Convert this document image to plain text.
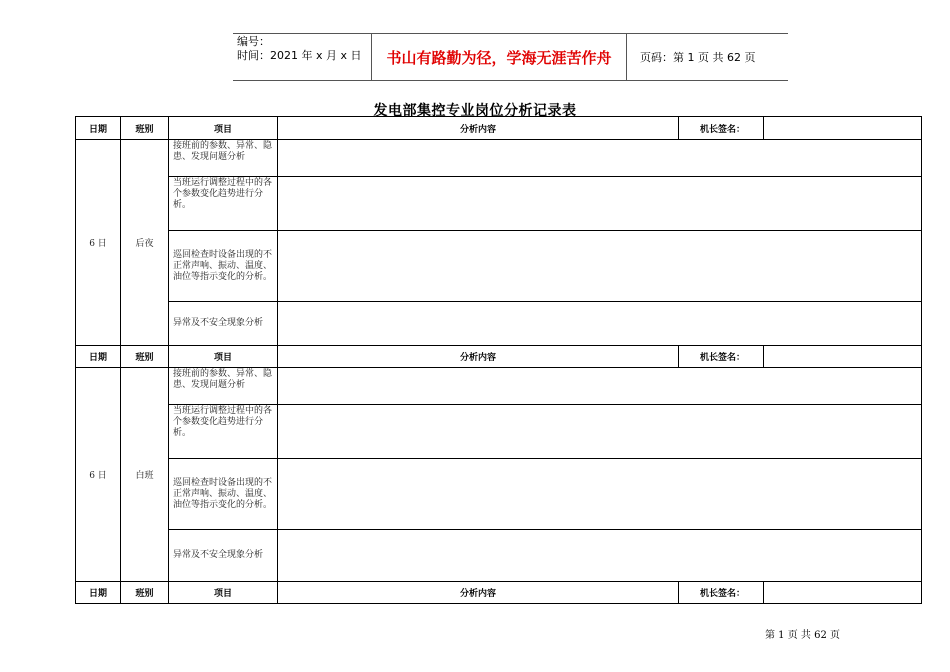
编号：
时间：2021 年 x 月 x 日	书山有路勤为径，学海无涯苦作舟	页码：第 1 页 共 62 页
发电部集控专业岗位分析记录表
日期	班别	项目	分析内容	机长签名：	
6 日	后夜	接班前的参数、异常、隐患、发现问题分析			
		当班运行调整过程中的各个参数变化趋势进行分析。			
		巡回检查时设备出现的不正常声响、振动、温度、油位等指示变化的分析。			
		异常及不安全现象分析			
日期	班别	项目	分析内容	机长签名：	
6 日	白班	接班前的参数、异常、隐患、发现问题分析			
		当班运行调整过程中的各个参数变化趋势进行分析。			
		巡回检查时设备出现的不正常声响、振动、温度、油位等指示变化的分析。			
		异常及不安全现象分析			
日期	班别	项目	分析内容	机长签名：	
第 1 页 共 62 页
